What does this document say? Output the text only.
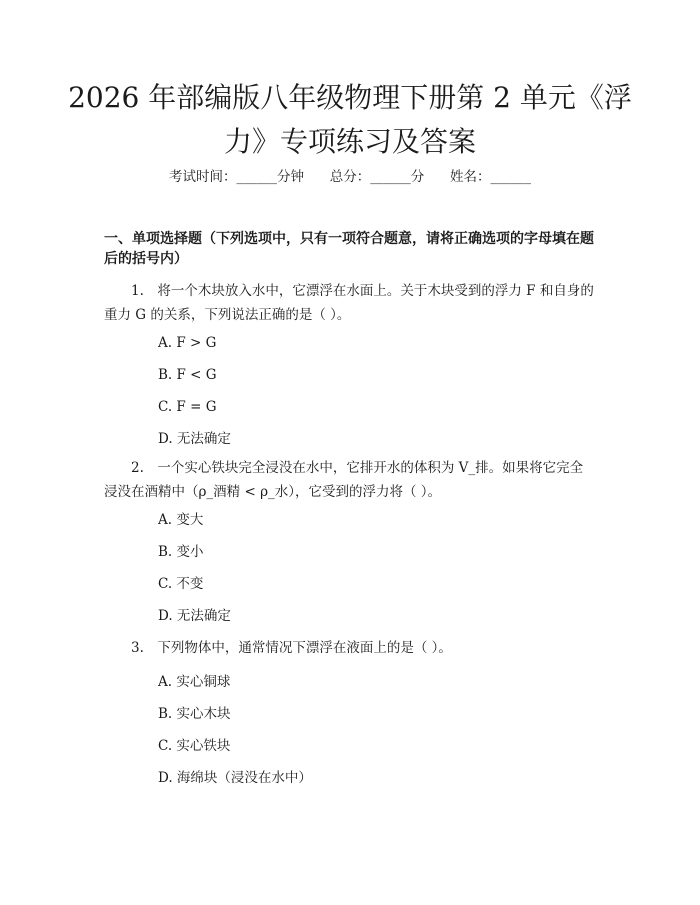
2026 年部编版八年级物理下册第 2 单元《浮力》专项练习及答案
考试时间：______分钟      总分：______分      姓名：______
一、单项选择题（下列选项中，只有一项符合题意，请将正确选项的字母填在题后的括号内）

1.　将一个木块放入水中，它漂浮在水面上。关于木块受到的浮力 F 和自身的重力 G 的关系，下列说法正确的是（ ）。

A. F > G
B. F < G
C. F = G
D. 无法确定

2.　一个实心铁块完全浸没在水中，它排开水的体积为 V_排。如果将它完全浸没在酒精中（ρ_酒精 < ρ_水），它受到的浮力将（ ）。

A. 变大
B. 变小
C. 不变
D. 无法确定

3.　下列物体中，通常情况下漂浮在液面上的是（ ）。

A. 实心铜球
B. 实心木块
C. 实心铁块
D. 海绵块（浸没在水中）
